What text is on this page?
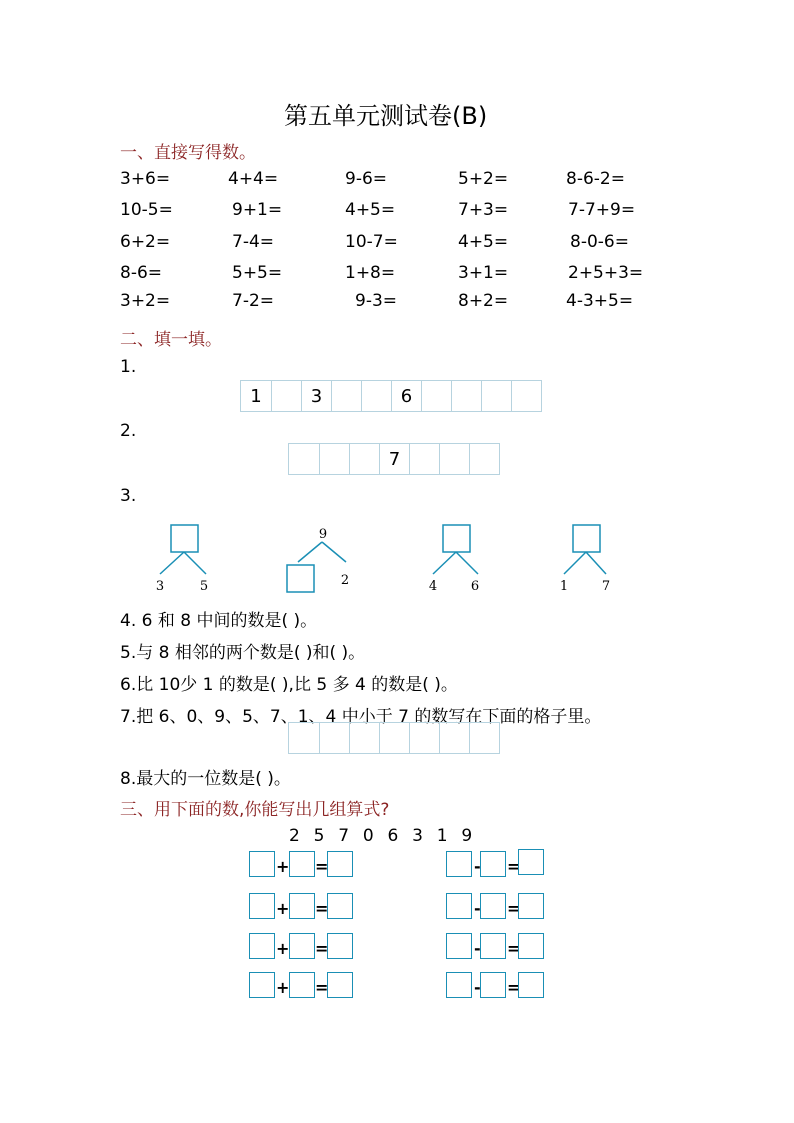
第五单元测试卷(B)
一、直接写得数。
3+6=	4+4=	9-6=	5+2=	8-6-2=
10-5=	9+1=	4+5=	7+3=	7-7+9=
6+2=	7-4=	10-7=	4+5=	8-0-6=
8-6=	5+5=	1+8=	3+1=	2+5+3=
3+2=	7-2=	9-3=	8+2=	4-3+5=
二、填一填。
1.
1	3	6
2.
7
3.
3	5
9
2	4	6	1	7
4. 6 和 8 中间的数是( )。
5.与 8 相邻的两个数是( )和( )。
6.比 10少 1 的数是( ),比 5 多 4 的数是( )。
7.把 6、0、9、5、7、1、4 中小于 7 的数写在下面的格子里。
8.最大的一位数是( )。
三、用下面的数,你能写出几组算式?
2  5  7  0  6  3  1  9
+ =	- =
+ =	- =
+ =	- =
+ =	- =
